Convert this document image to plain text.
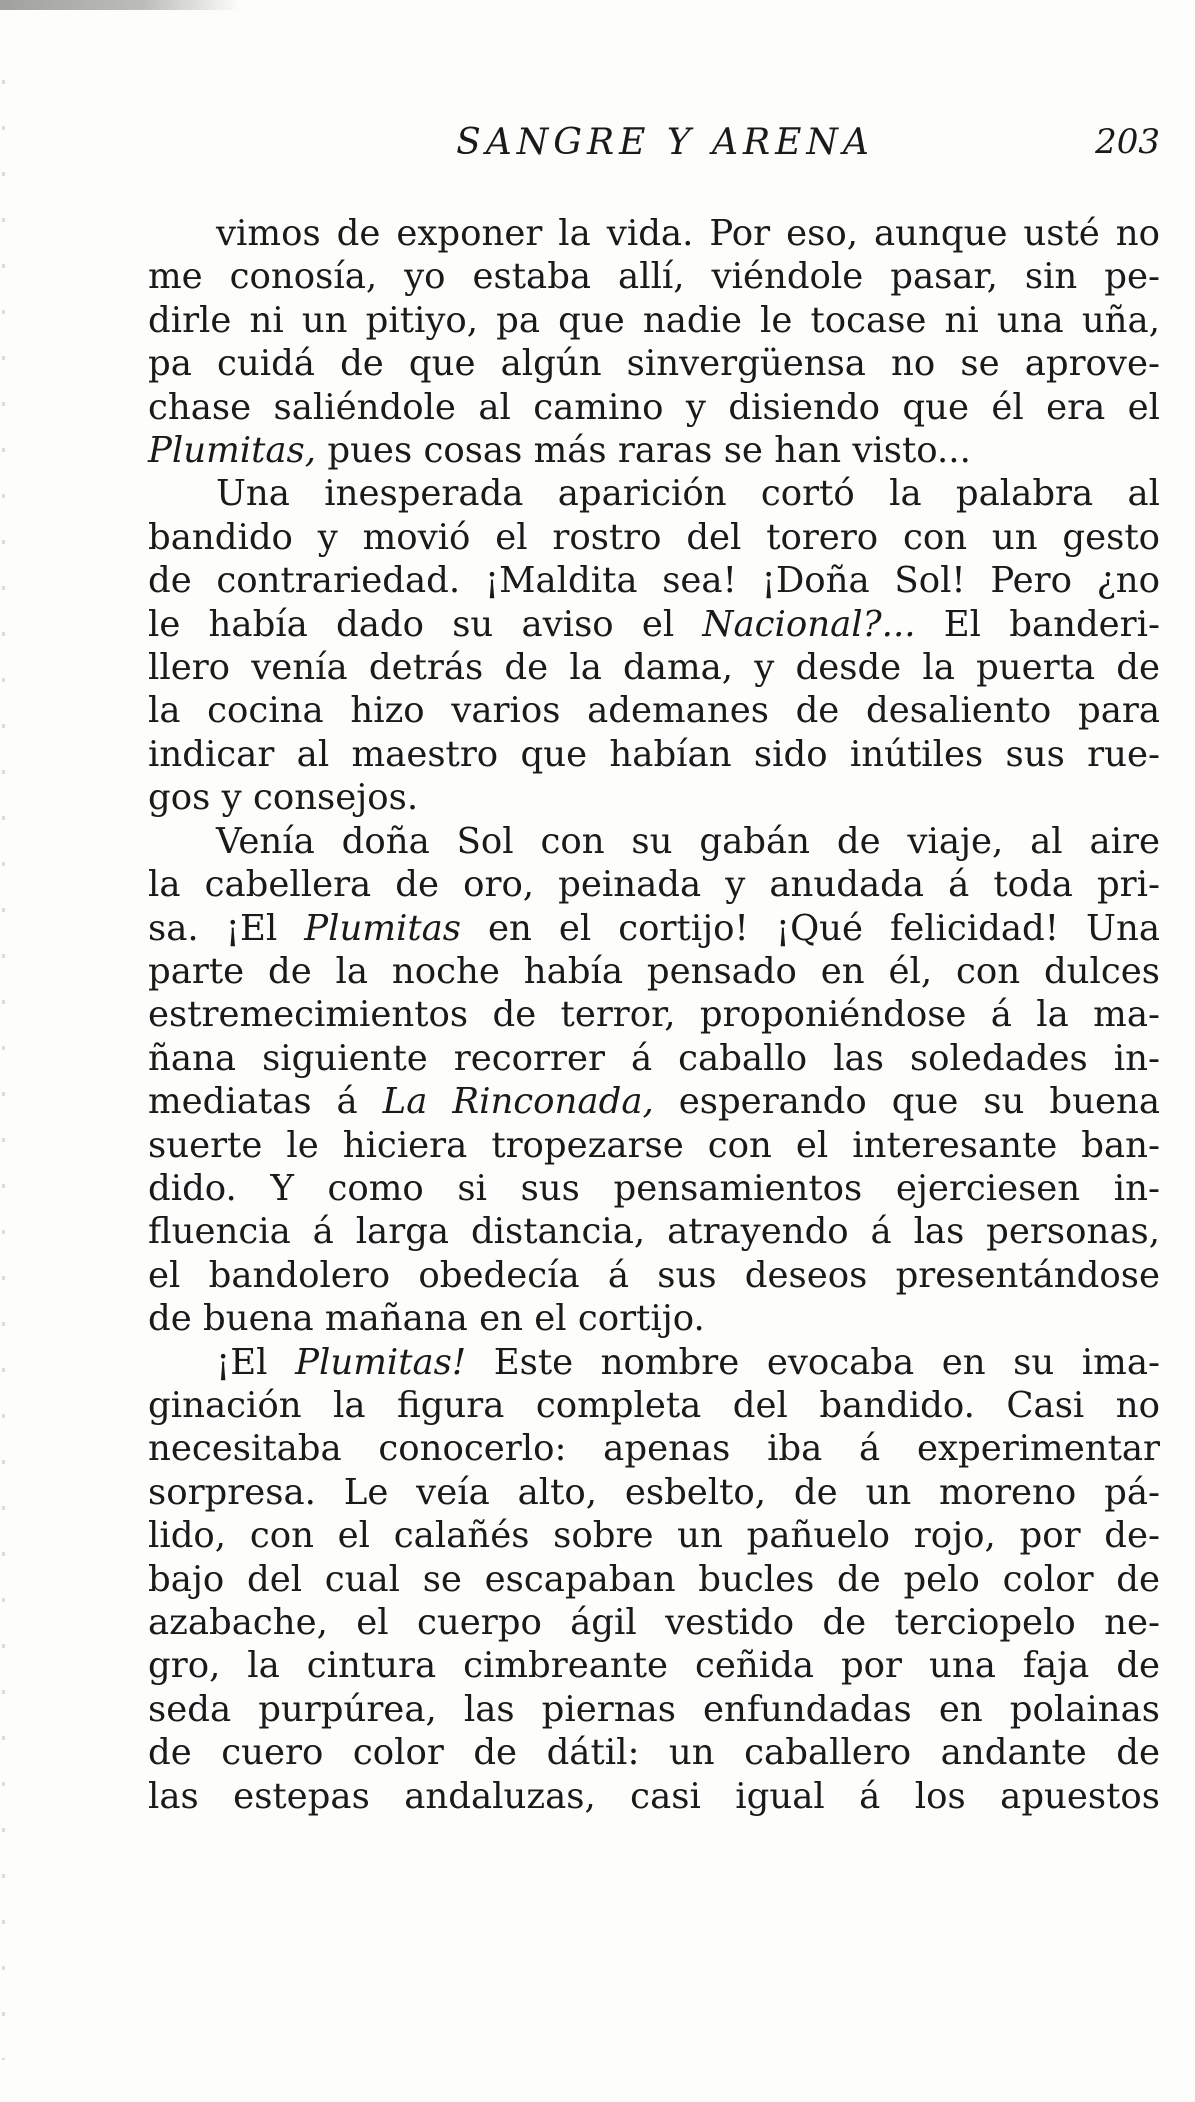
SANGRE Y ARENA	203
vimos de exponer la vida. Por eso, aunque usté no
me conosía, yo estaba allí, viéndole pasar, sin pe-
dirle ni un pitiyo, pa que nadie le tocase ni una uña,
pa cuidá de que algún sinvergüensa no se aprove-
chase saliéndole al camino y disiendo que él era el
Plumitas, pues cosas más raras se han visto...
Una inesperada aparición cortó la palabra al
bandido y movió el rostro del torero con un gesto
de contrariedad. ¡Maldita sea! ¡Doña Sol! Pero ¿no
le había dado su aviso el Nacional?... El banderi-
llero venía detrás de la dama, y desde la puerta de
la cocina hizo varios ademanes de desaliento para
indicar al maestro que habían sido inútiles sus rue-
gos y consejos.
Venía doña Sol con su gabán de viaje, al aire
la cabellera de oro, peinada y anudada á toda pri-
sa. ¡El Plumitas en el cortijo! ¡Qué felicidad! Una
parte de la noche había pensado en él, con dulces
estremecimientos de terror, proponiéndose á la ma-
ñana siguiente recorrer á caballo las soledades in-
mediatas á La Rinconada, esperando que su buena
suerte le hiciera tropezarse con el interesante ban-
dido. Y como si sus pensamientos ejerciesen in-
fluencia á larga distancia, atrayendo á las personas,
el bandolero obedecía á sus deseos presentándose
de buena mañana en el cortijo.
¡El Plumitas! Este nombre evocaba en su ima-
ginación la figura completa del bandido. Casi no
necesitaba conocerlo: apenas iba á experimentar
sorpresa. Le veía alto, esbelto, de un moreno pá-
lido, con el calañés sobre un pañuelo rojo, por de-
bajo del cual se escapaban bucles de pelo color de
azabache, el cuerpo ágil vestido de terciopelo ne-
gro, la cintura cimbreante ceñida por una faja de
seda purpúrea, las piernas enfundadas en polainas
de cuero color de dátil: un caballero andante de
las estepas andaluzas, casi igual á los apuestos
